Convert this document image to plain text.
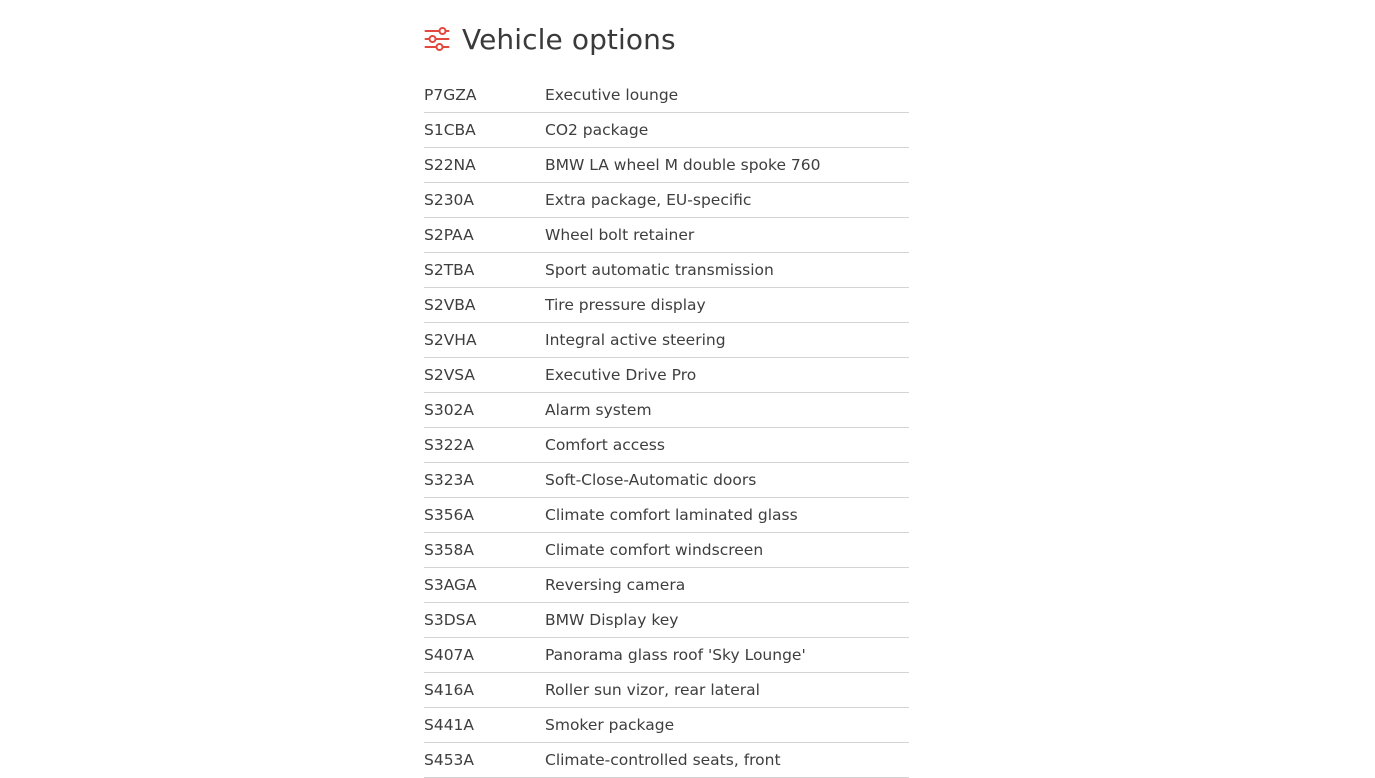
Vehicle options
P7GZA	Executive lounge
S1CBA	CO2 package
S22NA	BMW LA wheel M double spoke 760
S230A	Extra package, EU-specific
S2PAA	Wheel bolt retainer
S2TBA	Sport automatic transmission
S2VBA	Tire pressure display
S2VHA	Integral active steering
S2VSA	Executive Drive Pro
S302A	Alarm system
S322A	Comfort access
S323A	Soft-Close-Automatic doors
S356A	Climate comfort laminated glass
S358A	Climate comfort windscreen
S3AGA	Reversing camera
S3DSA	BMW Display key
S407A	Panorama glass roof 'Sky Lounge'
S416A	Roller sun vizor, rear lateral
S441A	Smoker package
S453A	Climate-controlled seats, front
